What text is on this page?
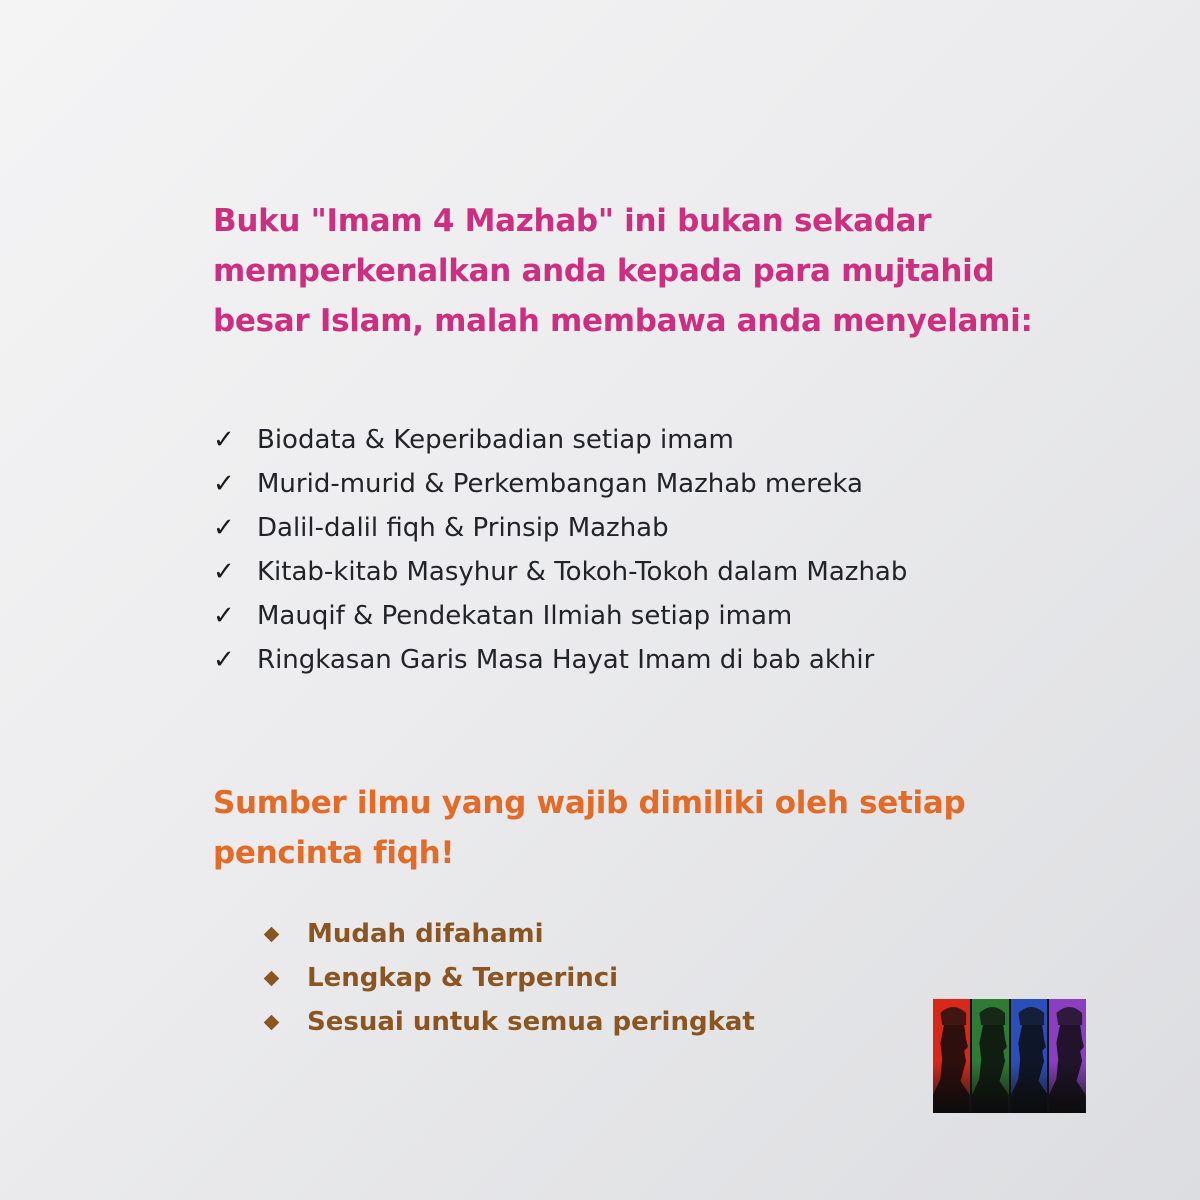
Buku "Imam 4 Mazhab" ini bukan sekadar memperkenalkan anda kepada para mujtahid besar Islam, malah membawa anda menyelami:

✓ Biodata & Keperibadian setiap imam
✓ Murid-murid & Perkembangan Mazhab mereka
✓ Dalil-dalil fiqh & Prinsip Mazhab
✓ Kitab-kitab Masyhur & Tokoh-Tokoh dalam Mazhab
✓ Mauqif & Pendekatan Ilmiah setiap imam
✓ Ringkasan Garis Masa Hayat Imam di bab akhir

Sumber ilmu yang wajib dimiliki oleh setiap pencinta fiqh!

Mudah difahami
Lengkap & Terperinci
Sesuai untuk semua peringkat
